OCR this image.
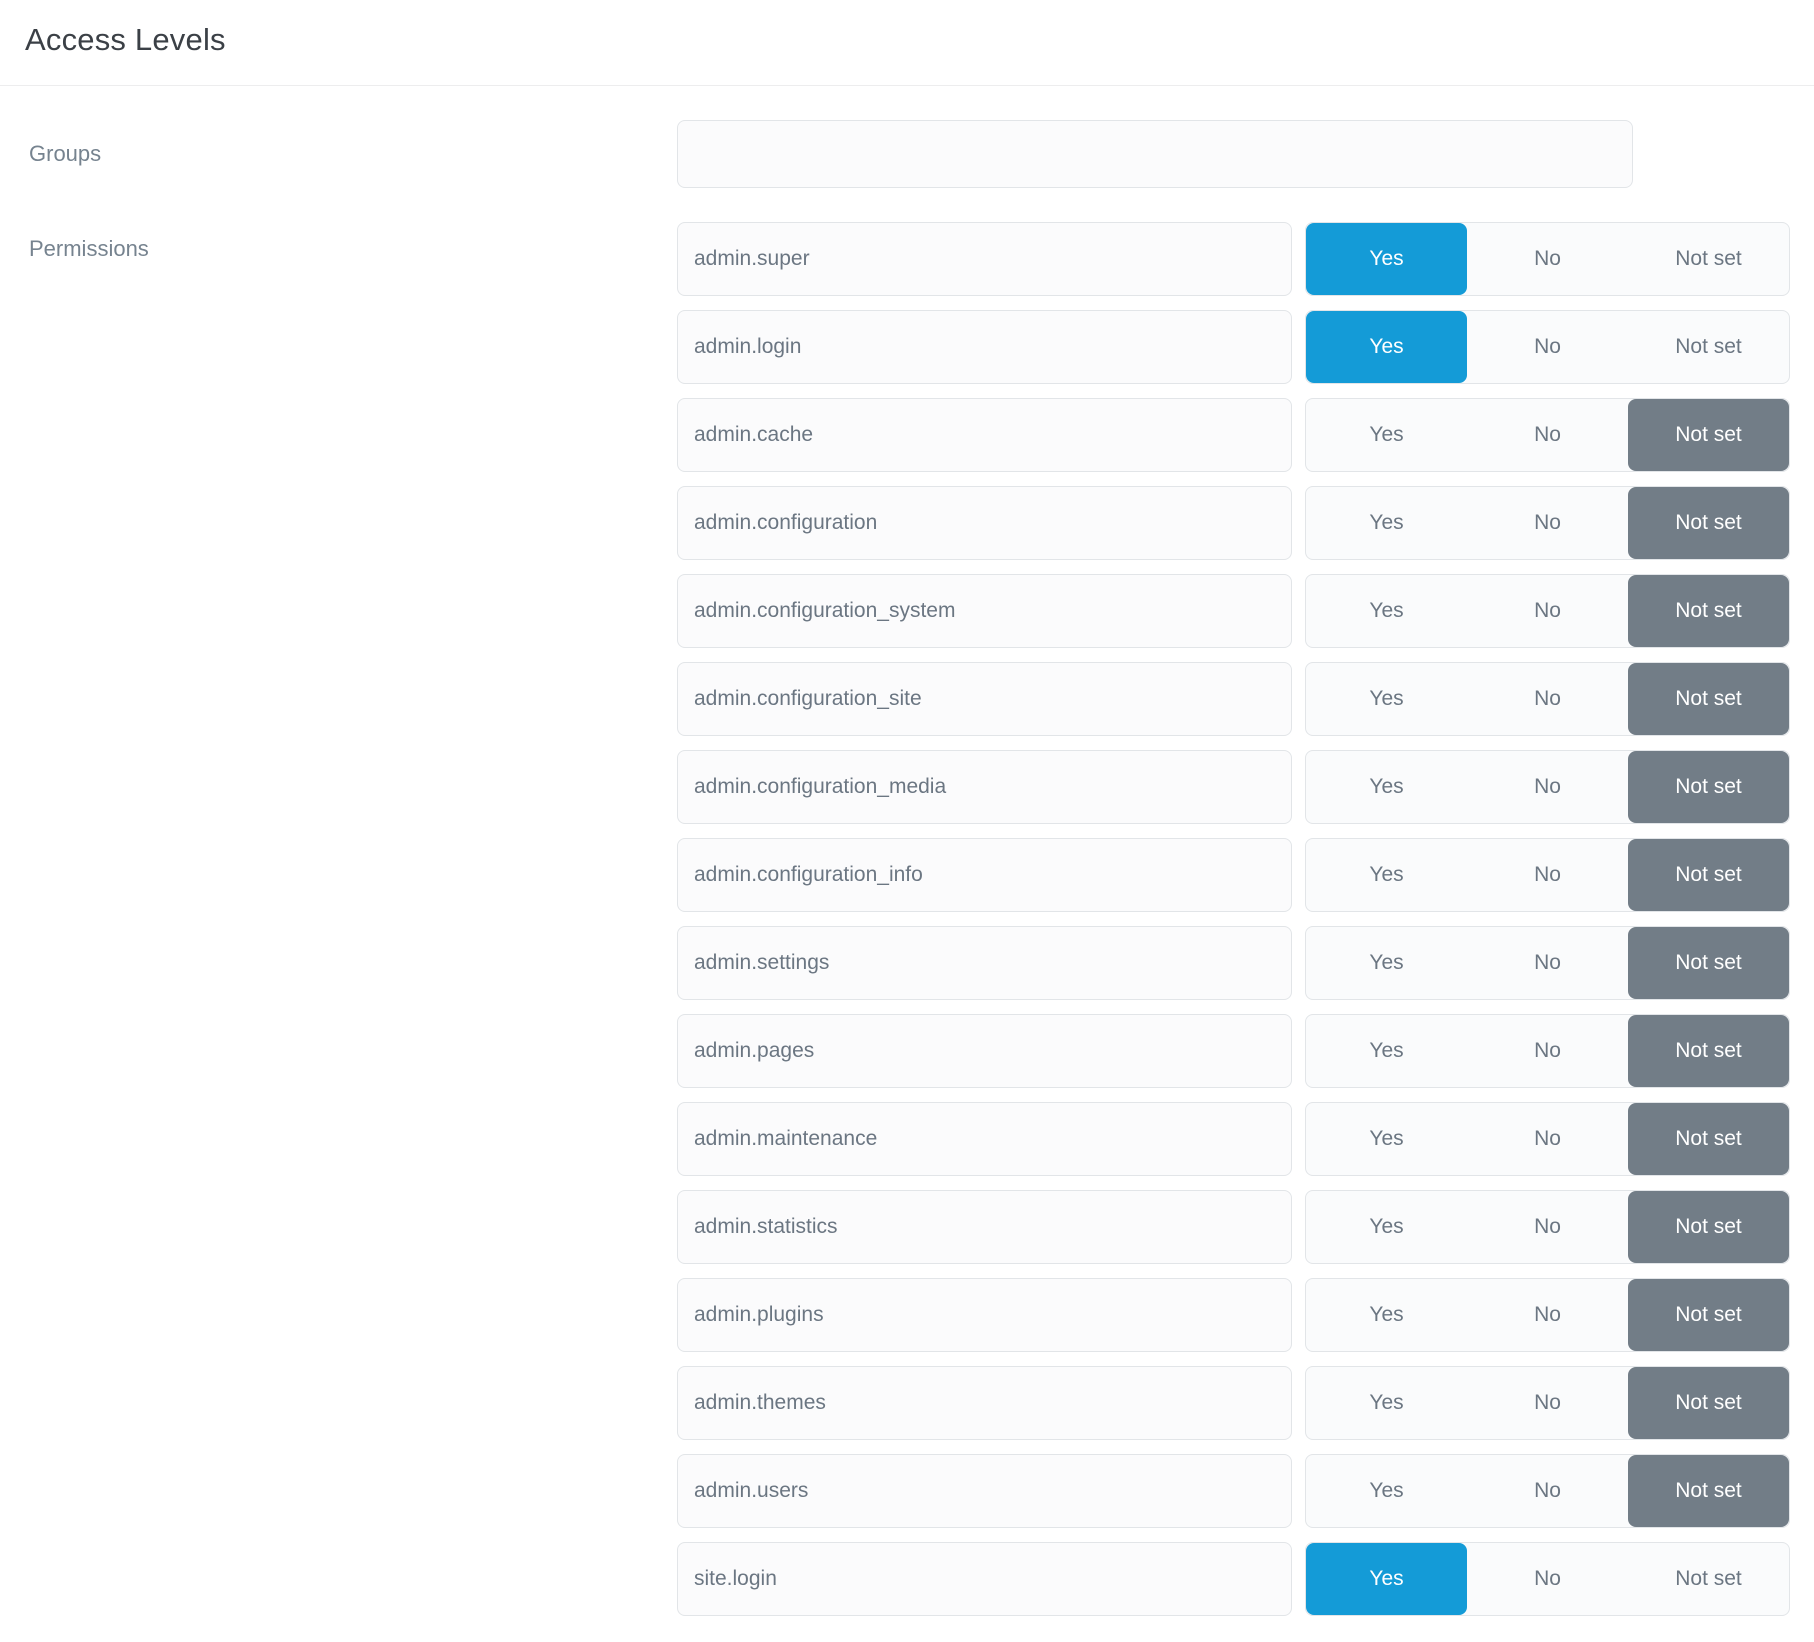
Access Levels
Groups
Permissions	admin.super	Yes	No	Not set
admin.login	Yes	No	Not set
admin.cache	Yes	No	Not set
admin.configuration	Yes	No	Not set
admin.configuration_system	Yes	No	Not set
admin.configuration_site	Yes	No	Not set
admin.configuration_media	Yes	No	Not set
admin.configuration_info	Yes	No	Not set
admin.settings	Yes	No	Not set
admin.pages	Yes	No	Not set
admin.maintenance	Yes	No	Not set
admin.statistics	Yes	No	Not set
admin.plugins	Yes	No	Not set
admin.themes	Yes	No	Not set
admin.users	Yes	No	Not set
site.login	Yes	No	Not set
